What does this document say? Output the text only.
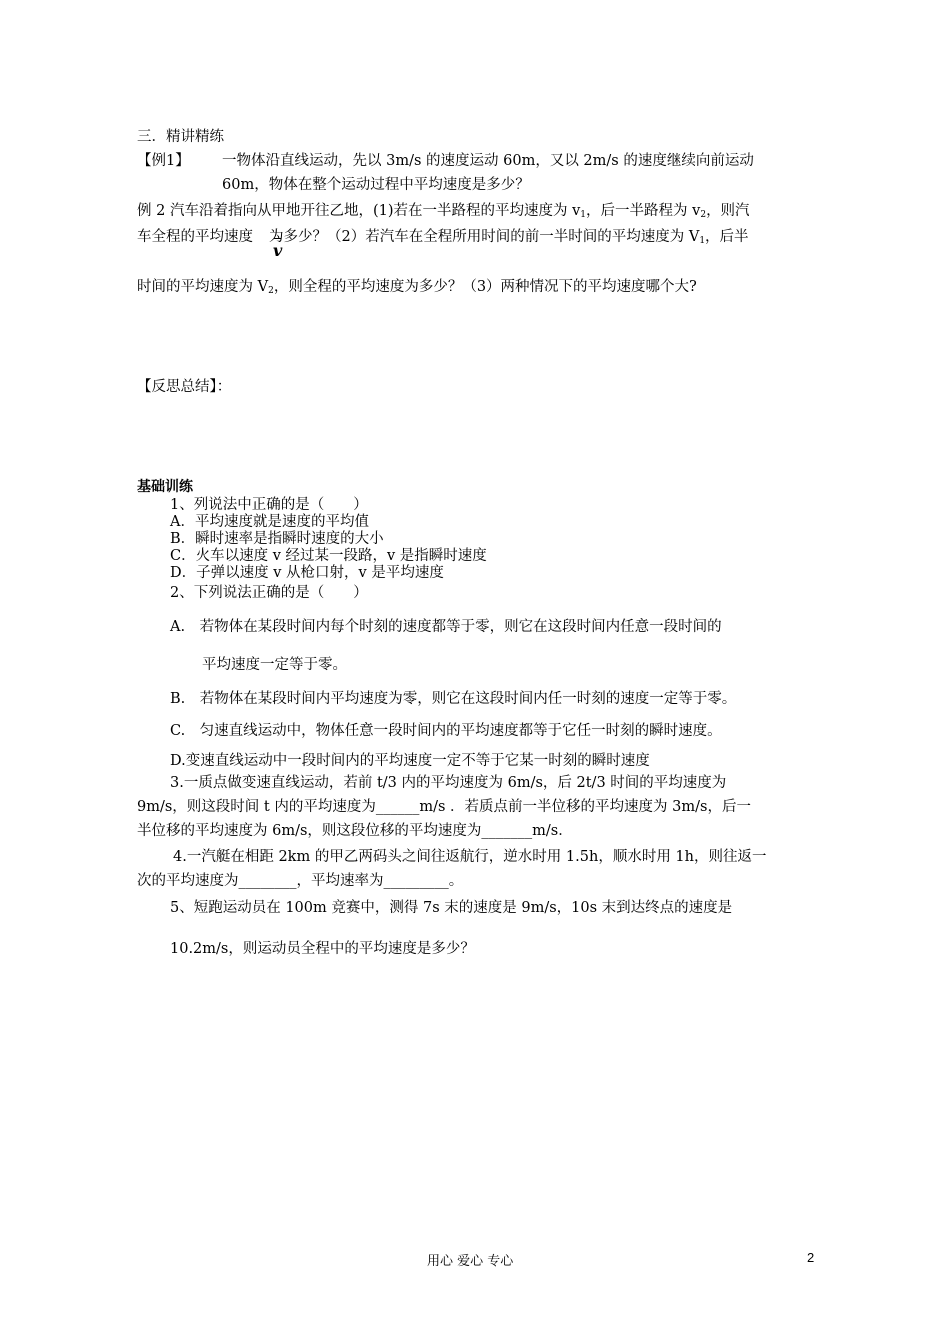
三．精讲精练
【例1】 一物体沿直线运动，先以 3m/s 的速度运动 60m，又以 2m/s 的速度继续向前运动
60m，物体在整个运动过程中平均速度是多少？
例 2 汽车沿着指向从甲地开往乙地，(1)若在一半路程的平均速度为 $v_1$，后一半路程为 $v_2$，则汽
车全程的平均速度 为多少？（2）若汽车在全程所用时间的前一半时间的平均速度为 $V_1$，后半
v
时间的平均速度为 $V_2$，则全程的平均速度为多少？（3）两种情况下的平均速度哪个大?
【反思总结】：
基础训练
1、列说法中正确的是（　　）
A．平均速度就是速度的平均值
B．瞬时速率是指瞬时速度的大小
C．火车以速度 v 经过某一段路，v 是指瞬时速度
D．子弹以速度 v 从枪口射，v 是平均速度
2、下列说法正确的是（　　）
A.　若物体在某段时间内每个时刻的速度都等于零，则它在这段时间内任意一段时间的
平均速度一定等于零。
B.　若物体在某段时间内平均速度为零，则它在这段时间内任一时刻的速度一定等于零。
C.　匀速直线运动中，物体任意一段时间内的平均速度都等于它任一时刻的瞬时速度。
D.变速直线运动中一段时间内的平均速度一定不等于它某一时刻的瞬时速度
3.一质点做变速直线运动，若前 t/3 内的平均速度为 6m/s，后 2t/3 时间的平均速度为
9m/s，则这段时间 t 内的平均速度为______m/s ．若质点前一半位移的平均速度为 3m/s，后一
半位移的平均速度为 6m/s，则这段位移的平均速度为_______m/s．
4.一汽艇在相距 2km 的甲乙两码头之间往返航行，逆水时用 1.5h，顺水时用 1h，则往返一
次的平均速度为________，平均速率为_________。
5、短跑运动员在 100m 竞赛中，测得 7s 末的速度是 9m/s，10s 末到达终点的速度是
10.2m/s，则运动员全程中的平均速度是多少？
用心 爱心 专心	2
